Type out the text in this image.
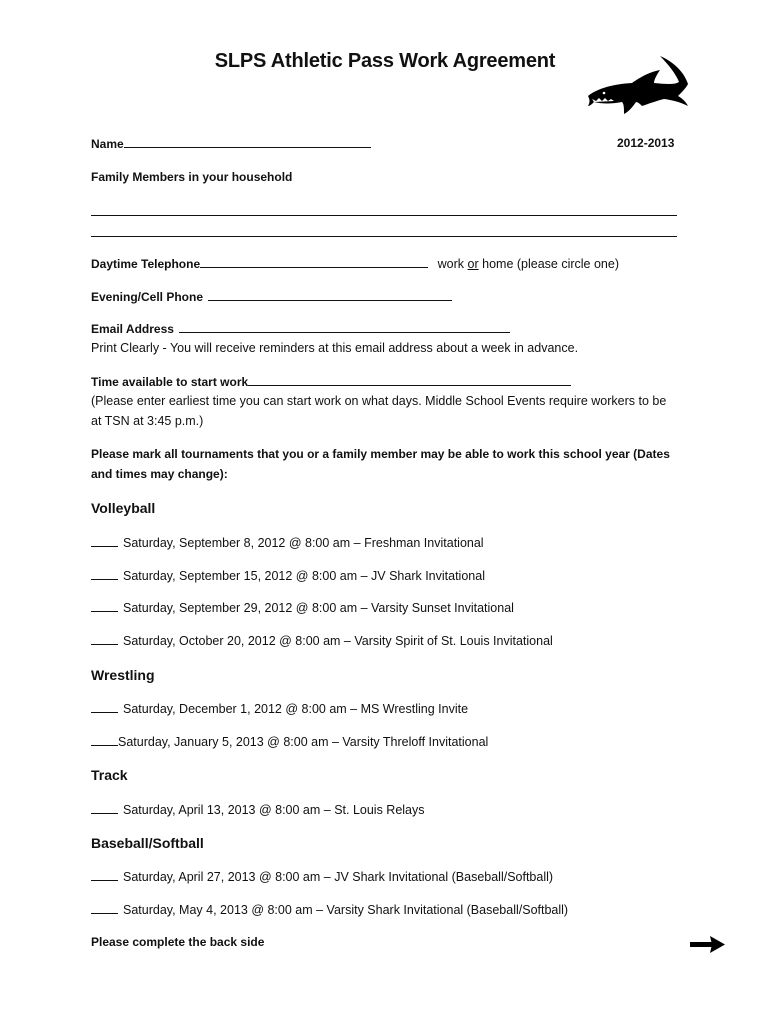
SLPS Athletic Pass Work Agreement
Name	2012-2013
Family Members in your household
Daytime Telephone	work or home (please circle one)
Evening/Cell Phone
Email Address
Print Clearly - You will receive reminders at this email address about a week in advance.
Time available to start work
(Please enter earliest time you can start work on what days. Middle School Events require workers to be
at TSN at 3:45 p.m.)
Please mark all tournaments that you or a family member may be able to work this school year (Dates
and times may change):
Volleyball
Saturday, September 8, 2012 @ 8:00 am – Freshman Invitational
Saturday, September 15, 2012 @ 8:00 am – JV Shark Invitational
Saturday, September 29, 2012 @ 8:00 am – Varsity Sunset Invitational
Saturday, October 20, 2012 @ 8:00 am – Varsity Spirit of St. Louis Invitational
Wrestling
Saturday, December 1, 2012 @ 8:00 am – MS Wrestling Invite
Saturday, January 5, 2013 @ 8:00 am – Varsity Threloff Invitational
Track
Saturday, April 13, 2013 @ 8:00 am – St. Louis Relays
Baseball/Softball
Saturday, April 27, 2013 @ 8:00 am – JV Shark Invitational (Baseball/Softball)
Saturday, May 4, 2013 @ 8:00 am – Varsity Shark Invitational (Baseball/Softball)
Please complete the back side
